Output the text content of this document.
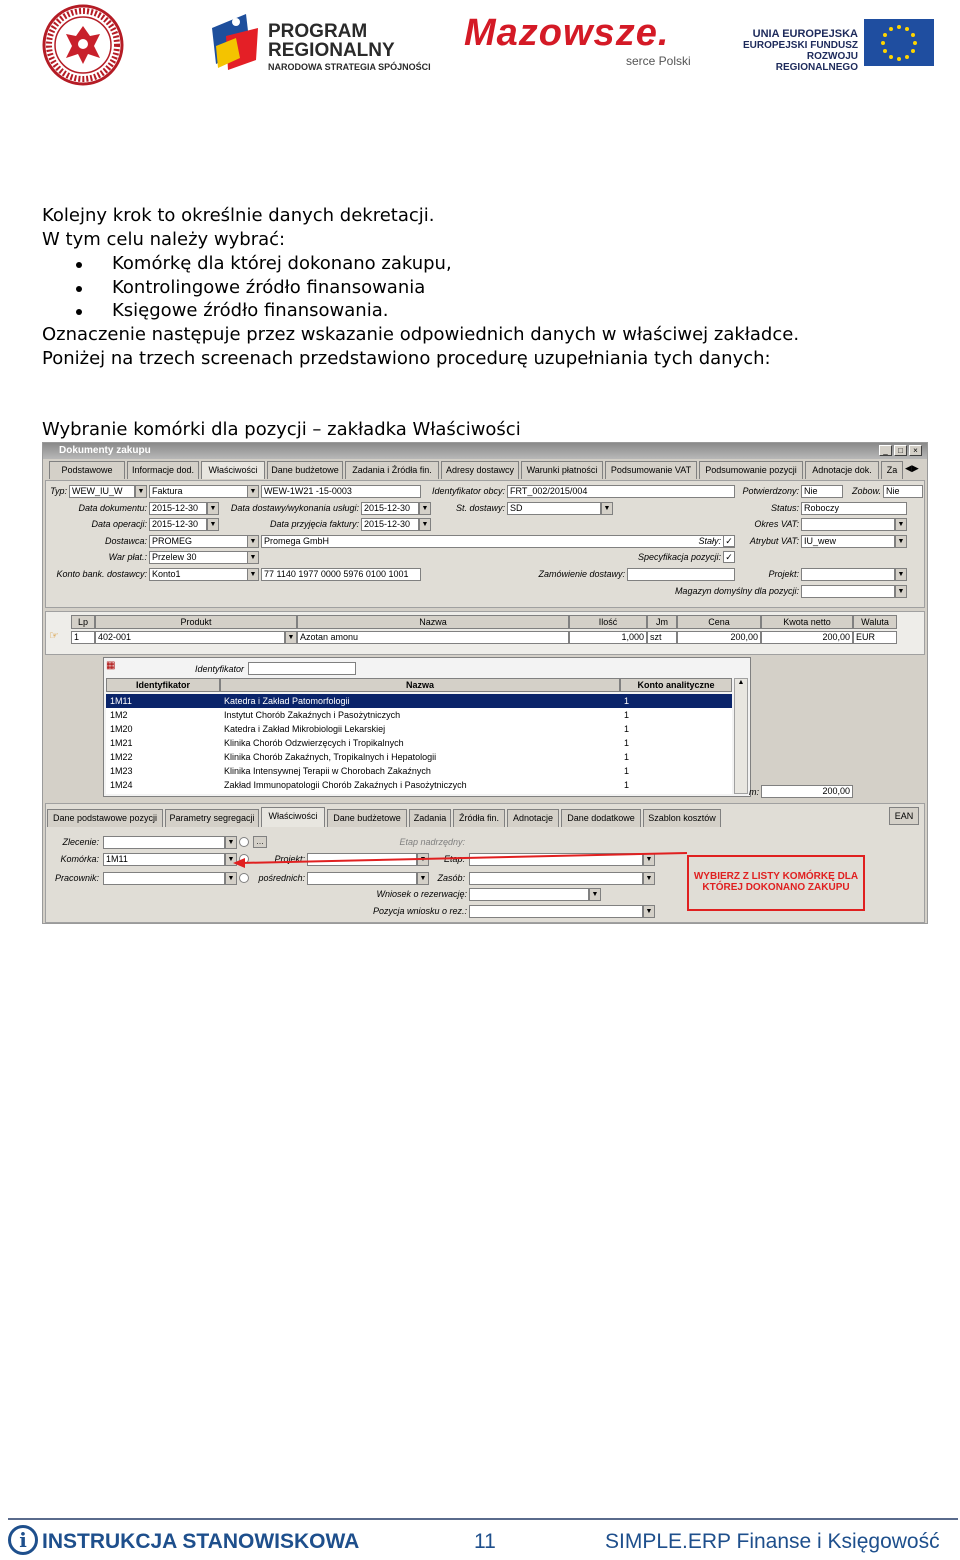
PROGRAM
REGIONALNY
NARODOWA STRATEGIA SPÓJNOŚCI
Mazowsze.
serce Polski
UNIA EUROPEJSKA
EUROPEJSKI FUNDUSZ
ROZWOJU REGIONALNEGO
Kolejny krok to określnie danych dekretacji.
W tym celu należy wybrać:
Komórkę dla której dokonano zakupu,
Kontrolingowe źródło finansowania
Księgowe źródło finansowania.
Oznaczenie następuje przez wskazanie odpowiednich danych w właściwej zakładce.
Poniżej na trzech screenach przedstawiono procedurę uzupełniania tych danych:
Wybranie komórki dla pozycji – zakładka Właściwości
Dokumenty zakupu	_	□	×
Podstawowe	Informacje dod.	Właściwości	Dane budżetowe	Zadania i Źródła fin.	Adresy dostawcy	Warunki płatności	Podsumowanie VAT	Podsumowanie pozycji	Adnotacje dok.	Za ◀▶
Typ: WEW_IU_W	▼ Faktura	▼ WEW-1W21 -15-0003	Identyfikator obcy: FRT_002/2015/004	Potwierdzony: Nie	Zobow. Nie
Data dokumentu: 2015-12-30	▼	Data dostawy/wykonania usługi: 2015-12-30	▼	St. dostawy: SD	▼	Status: Roboczy
Data operacji: 2015-12-30	▼	Data przyjęcia faktury: 2015-12-30	▼	Okres VAT:	▼
Dostawca: PROMEG	▼ Promega GmbH	Stały: ✓	Atrybut VAT: IU_wew	▼
War płat.: Przelew 30	▼	Specyfikacja pozycji: ✓
Konto bank. dostawcy: Konto1	▼ 77 1140 1977 0000 5976 0100 1001	Zamówienie dostawy:	Projekt:	▼
Magazyn domyślny dla pozycji:	▼
Lp	Produkt	Nazwa	Ilość	Jm	Cena	Kwota netto	Waluta
☞	1	402-001	▼ Azotan amonu	1,000 szt	200,00	200,00 EUR
▦	Identyfikator
Identyfikator	Nazwa	Konto analityczne
1M11	Katedra i Zakład Patomorfologii	1
1M2	Instytut Chorób Zakaźnych i Pasożytniczych	1
1M20	Katedra i Zakład Mikrobiologii Lekarskiej	1
1M21	Klinika Chorób Odzwierzęcych i Tropikalnych	1
1M22	Klinika Chorób Zakaźnych, Tropikalnych i Hepatologii	1
1M23	Klinika Intensywnej Terapii w Chorobach Zakaźnych	1
1M24	Zakład Immunopatologii Chorób Zakaźnych i Pasożytniczych	1
▲
m:	200,00
Dane podstawowe pozycji	Parametry segregacji	Właściwości	Dane budżetowe	Zadania	Źródła fin.	Adnotacje	Dane dodatkowe	Szablon kosztów	EAN
Zlecenie:	▼	…	Etap nadrzędny:
Komórka: 1M11	▼	Projekt:	▼
Pracownik:	▼	pośrednich:	▼	Zasób:	▼
Wniosek o rezerwację:	▼
Pozycja wniosku o rez.:	▼
WYBIERZ Z LISTY KOMÓRKĘ DLA KTÓREJ DOKONANO ZAKUPU
i INSTRUKCJA STANOWISKOWA	11	SIMPLE.ERP Finanse i Księgowość
